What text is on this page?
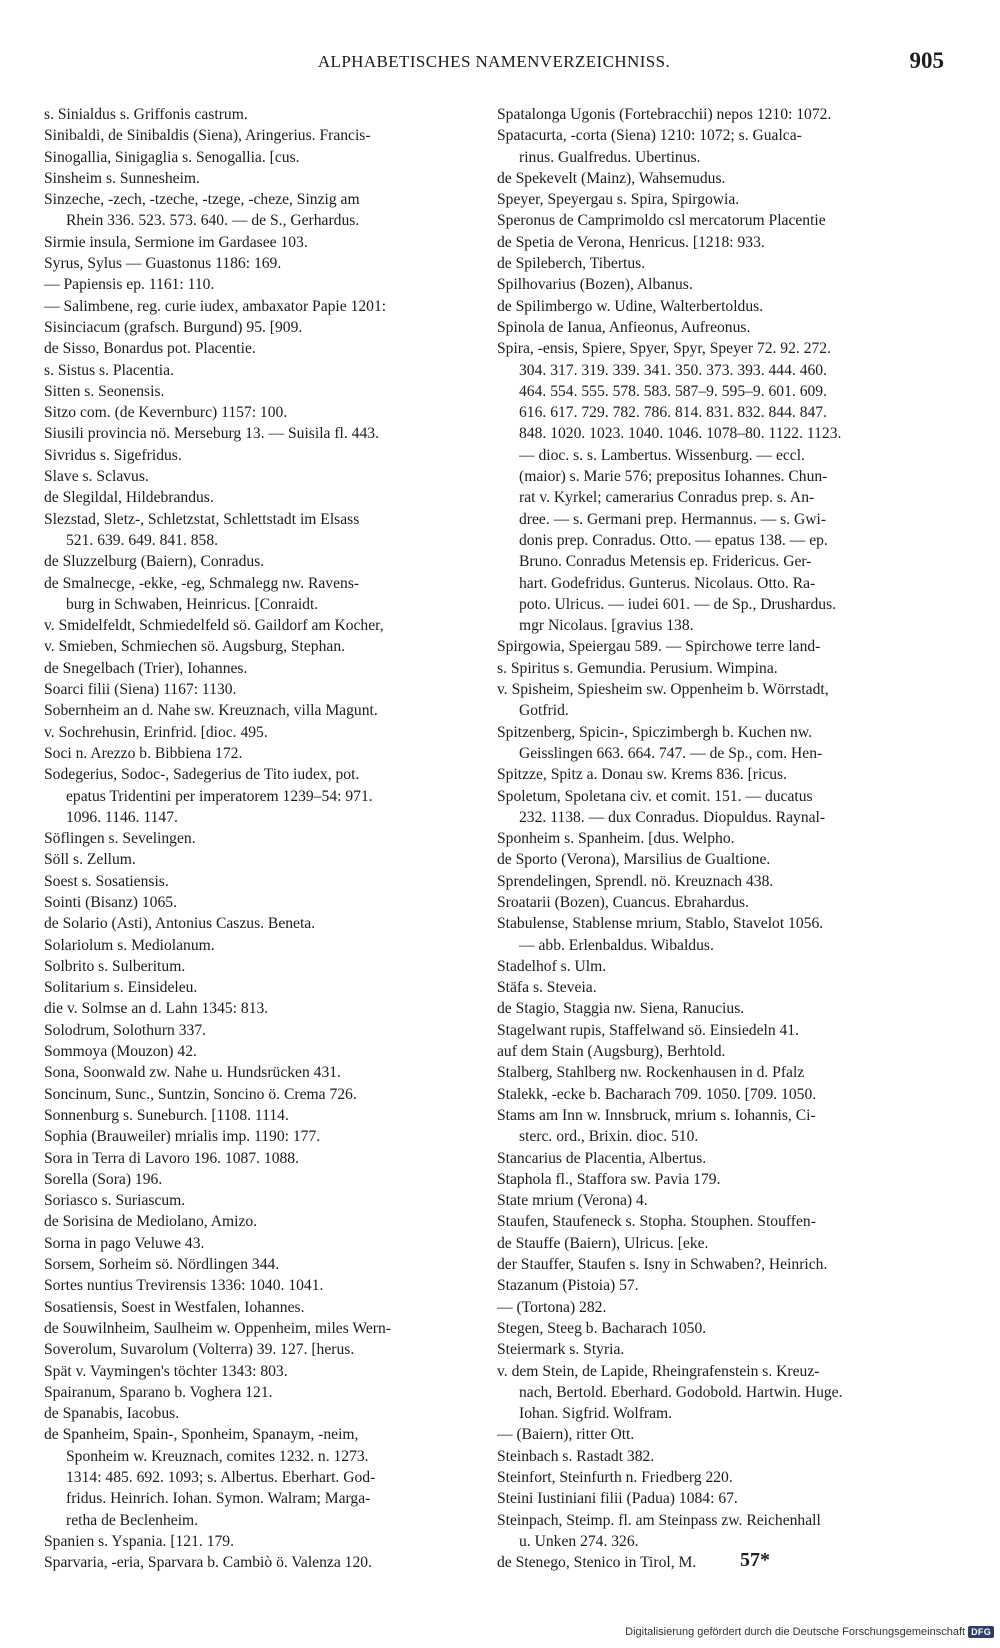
ALPHABETISCHES NAMENVERZEICHNISS.	905
s. Sinialdus s. Griffonis castrum.
Sinibaldi, de Sinibaldis (Siena), Aringerius. Francis-
Sinogallia, Sinigaglia s. Senogallia. [cus.
Sinsheim s. Sunnesheim.
Sinzeche, -zech, -tzeche, -tzege, -cheze, Sinzig am
Rhein 336. 523. 573. 640. — de S., Gerhardus.
Sirmie insula, Sermione im Gardasee 103.
Syrus, Sylus — Guastonus 1186: 169.
— Papiensis ep. 1161: 110.
— Salimbene, reg. curie iudex, ambaxator Papie 1201:
Sisinciacum (grafsch. Burgund) 95. [909.
de Sisso, Bonardus pot. Placentie.
s. Sistus s. Placentia.
Sitten s. Seonensis.
Sitzo com. (de Kevernburc) 1157: 100.
Siusili provincia nö. Merseburg 13. — Suisila fl. 443.
Sivridus s. Sigefridus.
Slave s. Sclavus.
de Slegildal, Hildebrandus.
Slezstad, Sletz-, Schletzstat, Schlettstadt im Elsass
521. 639. 649. 841. 858.
de Sluzzelburg (Baiern), Conradus.
de Smalnecge, -ekke, -eg, Schmalegg nw. Ravens-
burg in Schwaben, Heinricus. [Conraidt.
v. Smidelfeldt, Schmiedelfeld sö. Gaildorf am Kocher,
v. Smieben, Schmiechen sö. Augsburg, Stephan.
de Snegelbach (Trier), Iohannes.
Soarci filii (Siena) 1167: 1130.
Sobernheim an d. Nahe sw. Kreuznach, villa Magunt.
v. Sochrehusin, Erinfrid. [dioc. 495.
Soci n. Arezzo b. Bibbiena 172.
Sodegerius, Sodoc-, Sadegerius de Tito iudex, pot.
epatus Tridentini per imperatorem 1239–54: 971.
1096. 1146. 1147.
Söflingen s. Sevelingen.
Söll s. Zellum.
Soest s. Sosatiensis.
Sointi (Bisanz) 1065.
de Solario (Asti), Antonius Caszus. Beneta.
Solariolum s. Mediolanum.
Solbrito s. Sulberitum.
Solitarium s. Einsideleu.
die v. Solmse an d. Lahn 1345: 813.
Solodrum, Solothurn 337.
Sommoya (Mouzon) 42.
Sona, Soonwald zw. Nahe u. Hundsrücken 431.
Soncinum, Sunc., Suntzin, Soncino ö. Crema 726.
Sonnenburg s. Suneburch. [1108. 1114.
Sophia (Brauweiler) mrialis imp. 1190: 177.
Sora in Terra di Lavoro 196. 1087. 1088.
Sorella (Sora) 196.
Soriasco s. Suriascum.
de Sorisina de Mediolano, Amizo.
Sorna in pago Veluwe 43.
Sorsem, Sorheim sö. Nördlingen 344.
Sortes nuntius Trevirensis 1336: 1040. 1041.
Sosatiensis, Soest in Westfalen, Iohannes.
de Souwilnheim, Saulheim w. Oppenheim, miles Wern-
Soverolum, Suvarolum (Volterra) 39. 127. [herus.
Spät v. Vaymingen's töchter 1343: 803.
Spairanum, Sparano b. Voghera 121.
de Spanabis, Iacobus.
de Spanheim, Spain-, Sponheim, Spanaym, -neim,
Sponheim w. Kreuznach, comites 1232. n. 1273.
1314: 485. 692. 1093; s. Albertus. Eberhart. God-
fridus. Heinrich. Iohan. Symon. Walram; Marga-
retha de Beclenheim.
Spanien s. Yspania. [121. 179.
Sparvaria, -eria, Sparvara b. Cambiò ö. Valenza 120.
Spatalonga Ugonis (Fortebracchii) nepos 1210: 1072.
Spatacurta, -corta (Siena) 1210: 1072; s. Gualca-
rinus. Gualfredus. Ubertinus.
de Spekevelt (Mainz), Wahsemudus.
Speyer, Speyergau s. Spira, Spirgowia.
Speronus de Camprimoldo csl mercatorum Placentie
de Spetia de Verona, Henricus. [1218: 933.
de Spileberch, Tibertus.
Spilhovarius (Bozen), Albanus.
de Spilimbergo w. Udine, Walterbertoldus.
Spinola de Ianua, Anfieonus, Aufreonus.
Spira, -ensis, Spiere, Spyer, Spyr, Speyer 72. 92. 272.
304. 317. 319. 339. 341. 350. 373. 393. 444. 460.
464. 554. 555. 578. 583. 587–9. 595–9. 601. 609.
616. 617. 729. 782. 786. 814. 831. 832. 844. 847.
848. 1020. 1023. 1040. 1046. 1078–80. 1122. 1123.
— dioc. s. s. Lambertus. Wissenburg. — eccl.
(maior) s. Marie 576; prepositus Iohannes. Chun-
rat v. Kyrkel; camerarius Conradus prep. s. An-
dree. — s. Germani prep. Hermannus. — s. Gwi-
donis prep. Conradus. Otto. — epatus 138. — ep.
Bruno. Conradus Metensis ep. Fridericus. Ger-
hart. Godefridus. Gunterus. Nicolaus. Otto. Ra-
poto. Ulricus. — iudei 601. — de Sp., Drushardus.
mgr Nicolaus. [gravius 138.
Spirgowia, Speiergau 589. — Spirchowe terre land-
s. Spiritus s. Gemundia. Perusium. Wimpina.
v. Spisheim, Spiesheim sw. Oppenheim b. Wörrstadt,
Gotfrid.
Spitzenberg, Spicin-, Spiczimbergh b. Kuchen nw.
Geisslingen 663. 664. 747. — de Sp., com. Hen-
Spitzze, Spitz a. Donau sw. Krems 836. [ricus.
Spoletum, Spoletana civ. et comit. 151. — ducatus
232. 1138. — dux Conradus. Diopuldus. Raynal-
Sponheim s. Spanheim. [dus. Welpho.
de Sporto (Verona), Marsilius de Gualtione.
Sprendelingen, Sprendl. nö. Kreuznach 438.
Sroatarii (Bozen), Cuancus. Ebrahardus.
Stabulense, Stablense mrium, Stablo, Stavelot 1056.
— abb. Erlenbaldus. Wibaldus.
Stadelhof s. Ulm.
Stäfa s. Steveia.
de Stagio, Staggia nw. Siena, Ranucius.
Stagelwant rupis, Staffelwand sö. Einsiedeln 41.
auf dem Stain (Augsburg), Berhtold.
Stalberg, Stahlberg nw. Rockenhausen in d. Pfalz
Stalekk, -ecke b. Bacharach 709. 1050. [709. 1050.
Stams am Inn w. Innsbruck, mrium s. Iohannis, Ci-
sterc. ord., Brixin. dioc. 510.
Stancarius de Placentia, Albertus.
Staphola fl., Staffora sw. Pavia 179.
State mrium (Verona) 4.
Staufen, Staufeneck s. Stopha. Stouphen. Stouffen-
de Stauffe (Baiern), Ulricus. [eke.
der Stauffer, Staufen s. Isny in Schwaben?, Heinrich.
Stazanum (Pistoia) 57.
— (Tortona) 282.
Stegen, Steeg b. Bacharach 1050.
Steiermark s. Styria.
v. dem Stein, de Lapide, Rheingrafenstein s. Kreuz-
nach, Bertold. Eberhard. Godobold. Hartwin. Huge.
Iohan. Sigfrid. Wolfram.
— (Baiern), ritter Ott.
Steinbach s. Rastadt 382.
Steinfort, Steinfurth n. Friedberg 220.
Steini Iustiniani filii (Padua) 1084: 67.
Steinpach, Steimp. fl. am Steinpass zw. Reichenhall
u. Unken 274. 326.
de Stenego, Stenico in Tirol, M.	57*
Digitalisierung gefördert durch die Deutsche Forschungsgemeinschaft DFG
